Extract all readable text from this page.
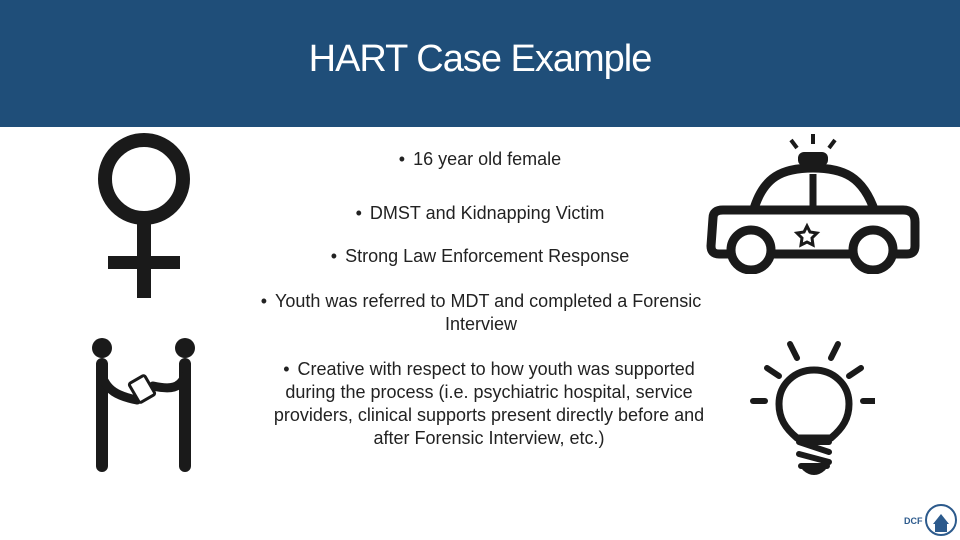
HART Case Example
• 16 year old female
• DMST and Kidnapping Victim
• Strong Law Enforcement Response
• Youth was referred to MDT and completed a Forensic Interview
• Creative with respect to how youth was supported during the process (i.e. psychiatric hospital, service providers, clinical supports present directly before and after Forensic Interview, etc.)
DCF
